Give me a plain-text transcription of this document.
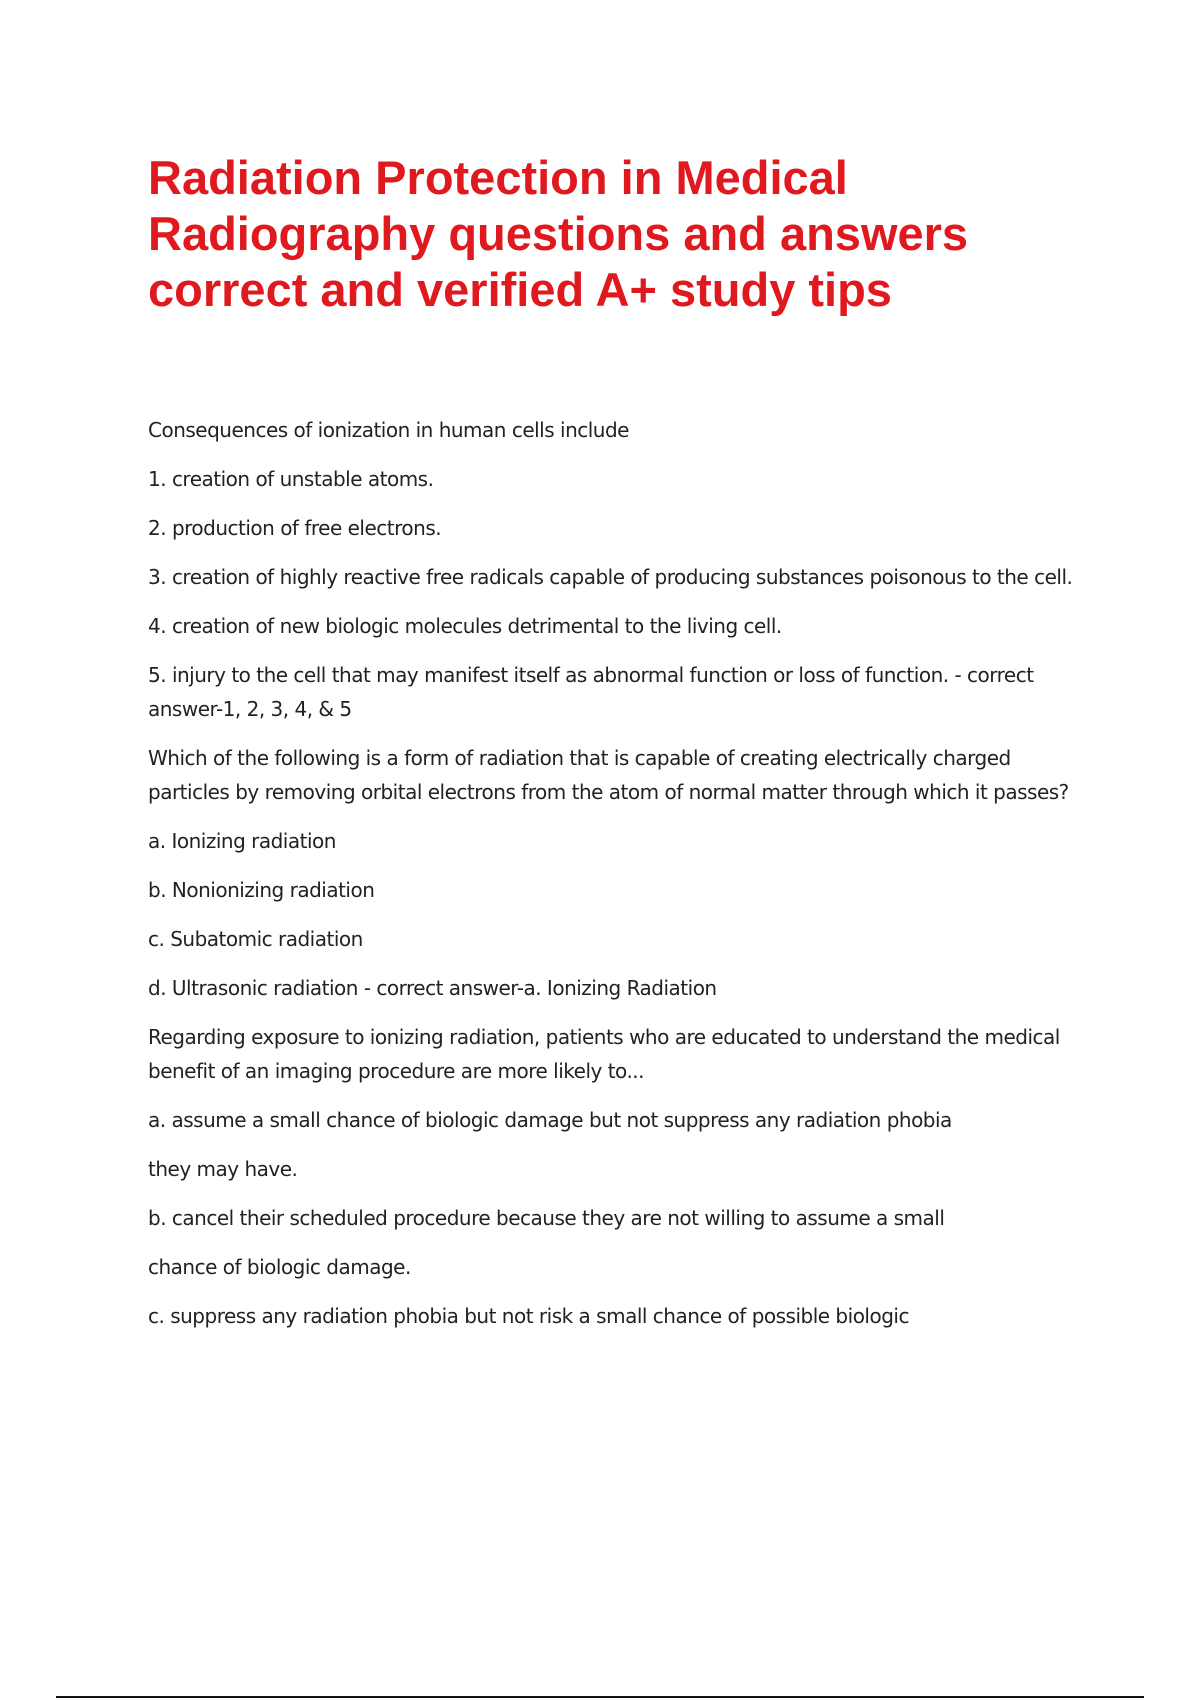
Radiation Protection in Medical
Radiography questions and answers
correct and verified A+ study tips

Consequences of ionization in human cells include

1. creation of unstable atoms.

2. production of free electrons.

3. creation of highly reactive free radicals capable of producing substances poisonous to the cell.

4. creation of new biologic molecules detrimental to the living cell.

5. injury to the cell that may manifest itself as abnormal function or loss of function. - correct answer-1, 2, 3, 4, & 5

Which of the following is a form of radiation that is capable of creating electrically charged particles by removing orbital electrons from the atom of normal matter through which it passes?

a. Ionizing radiation

b. Nonionizing radiation

c. Subatomic radiation

d. Ultrasonic radiation - correct answer-a. Ionizing Radiation

Regarding exposure to ionizing radiation, patients who are educated to understand the medical benefit of an imaging procedure are more likely to...

a. assume a small chance of biologic damage but not suppress any radiation phobia

they may have.

b. cancel their scheduled procedure because they are not willing to assume a small

chance of biologic damage.

c. suppress any radiation phobia but not risk a small chance of possible biologic
